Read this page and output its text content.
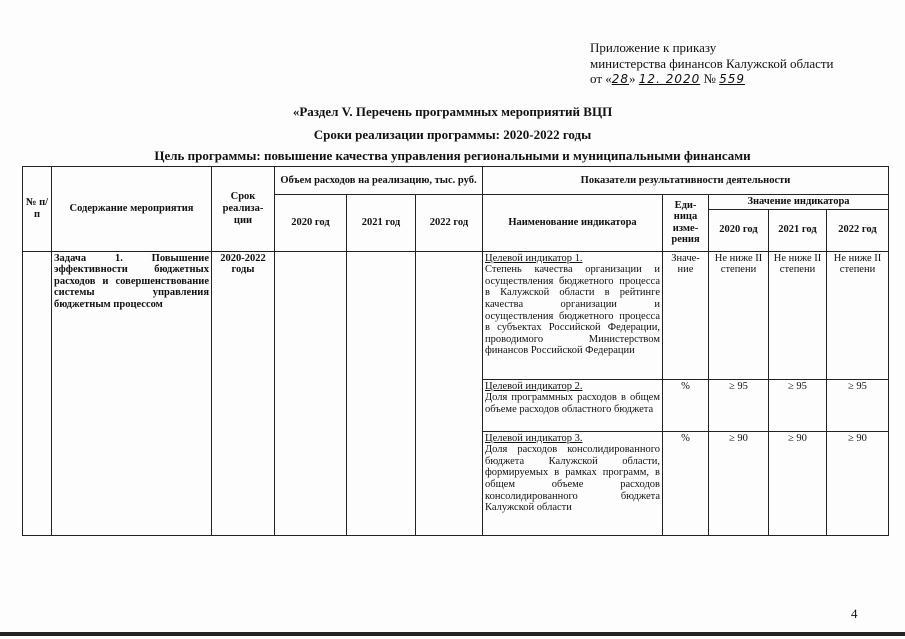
Приложение к приказу
министерства финансов Калужской области
от «28» 12. 2020 № 559
«Раздел V. Перечень программных мероприятий ВЦП
Сроки реализации программы: 2020-2022 годы
Цель программы: повышение качества управления региональными и муниципальными финансами
№ п/п	Содержание мероприятия	Срок реализа-ции	Объем расходов на реализацию, тыс. руб.			Показатели результативности деятельности				
			2020 год	2021 год	2022 год	Наименование индикатора	Еди-ница изме-рения	Значение индикатора		
								2020 год	2021 год	2022 год
	Задача 1. Повышение эффективности бюджетных расходов и совершенствование системы управления бюджетным процессом	2020-2022 годы				Целевой индикатор 1.
Степень качества организации и осуществления бюджетного процесса в Калужской области в рейтинге качества организации и осуществления бюджетного процесса в субъектах Российской Федерации, проводимого Министерством финансов Российской Федерации	Значе-ние	Не ниже II степени	Не ниже II степени	Не ниже II степени

						Целевой индикатор 2.
Доля программных расходов в общем объеме расходов областного бюджета	%	≥ 95	≥ 95	≥ 95

						Целевой индикатор 3.
Доля расходов консолидированного бюджета Калужской области, формируемых в рамках программ, в общем объеме расходов консолидированного бюджета Калужской области	%	≥ 90	≥ 90	≥ 90
4
